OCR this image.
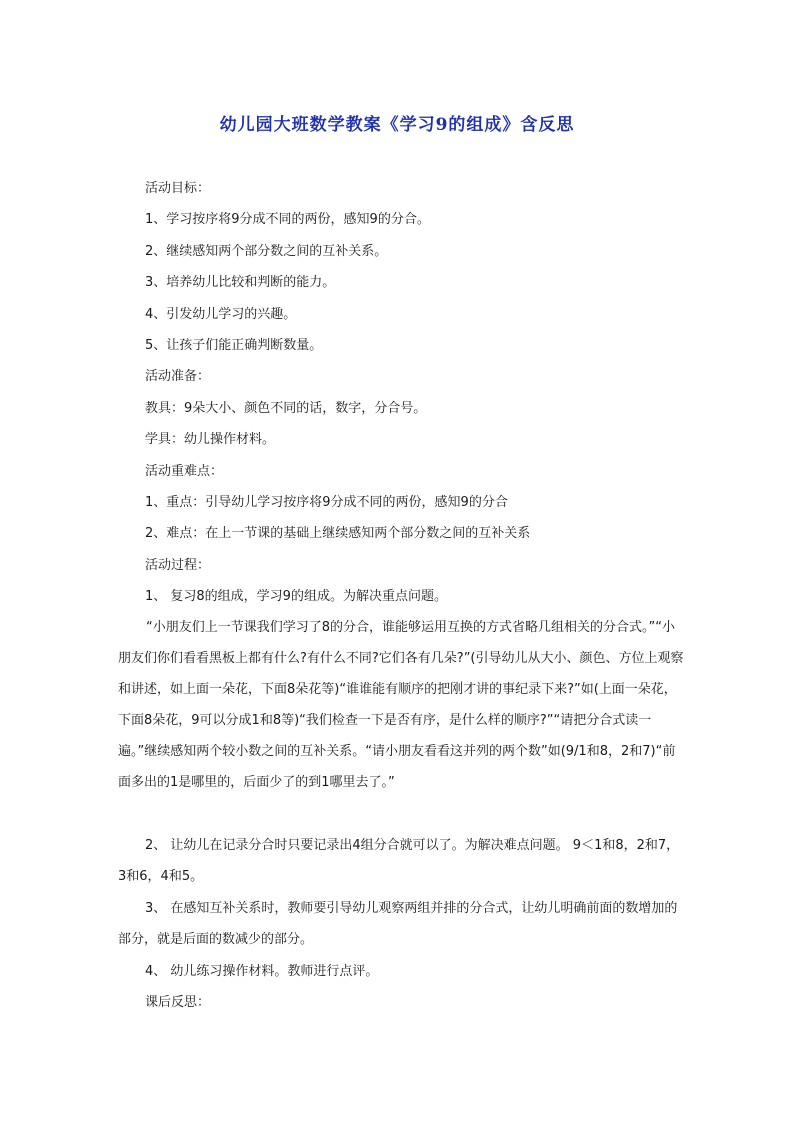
幼儿园大班数学教案《学习9的组成》含反思
活动目标：
1、学习按序将9分成不同的两份，感知9的分合。
2、继续感知两个部分数之间的互补关系。
3、培养幼儿比较和判断的能力。
4、引发幼儿学习的兴趣。
5、让孩子们能正确判断数量。
活动准备：
教具：9朵大小、颜色不同的话，数字，分合号。
学具：幼儿操作材料。
活动重难点：
1、重点：引导幼儿学习按序将9分成不同的两份，感知9的分合
2、难点：在上一节课的基础上继续感知两个部分数之间的互补关系
活动过程：
1、 复习8的组成，学习9的组成。为解决重点问题。
“小朋友们上一节课我们学习了8的分合，谁能够运用互换的方式省略几组相关的分合式。”“小朋友们你们看看黑板上都有什么?有什么不同?它们各有几朵?”(引导幼儿从大小、颜色、方位上观察和讲述，如上面一朵花，下面8朵花等)“谁谁能有顺序的把刚才讲的事纪录下来?”如(上面一朵花，下面8朵花，9可以分成1和8等)“我们检查一下是否有序，是什么样的顺序?”“请把分合式读一遍。”继续感知两个较小数之间的互补关系。“请小朋友看看这并列的两个数”如(9/1和8，2和7)“前面多出的1是哪里的，后面少了的到1哪里去了。”
2、 让幼儿在记录分合时只要记录出4组分合就可以了。为解决难点问题。 9＜1和8，2和7，3和6，4和5。
3、 在感知互补关系时，教师要引导幼儿观察两组并排的分合式，让幼儿明确前面的数增加的部分，就是后面的数减少的部分。
4、 幼儿练习操作材料。教师进行点评。
课后反思：
